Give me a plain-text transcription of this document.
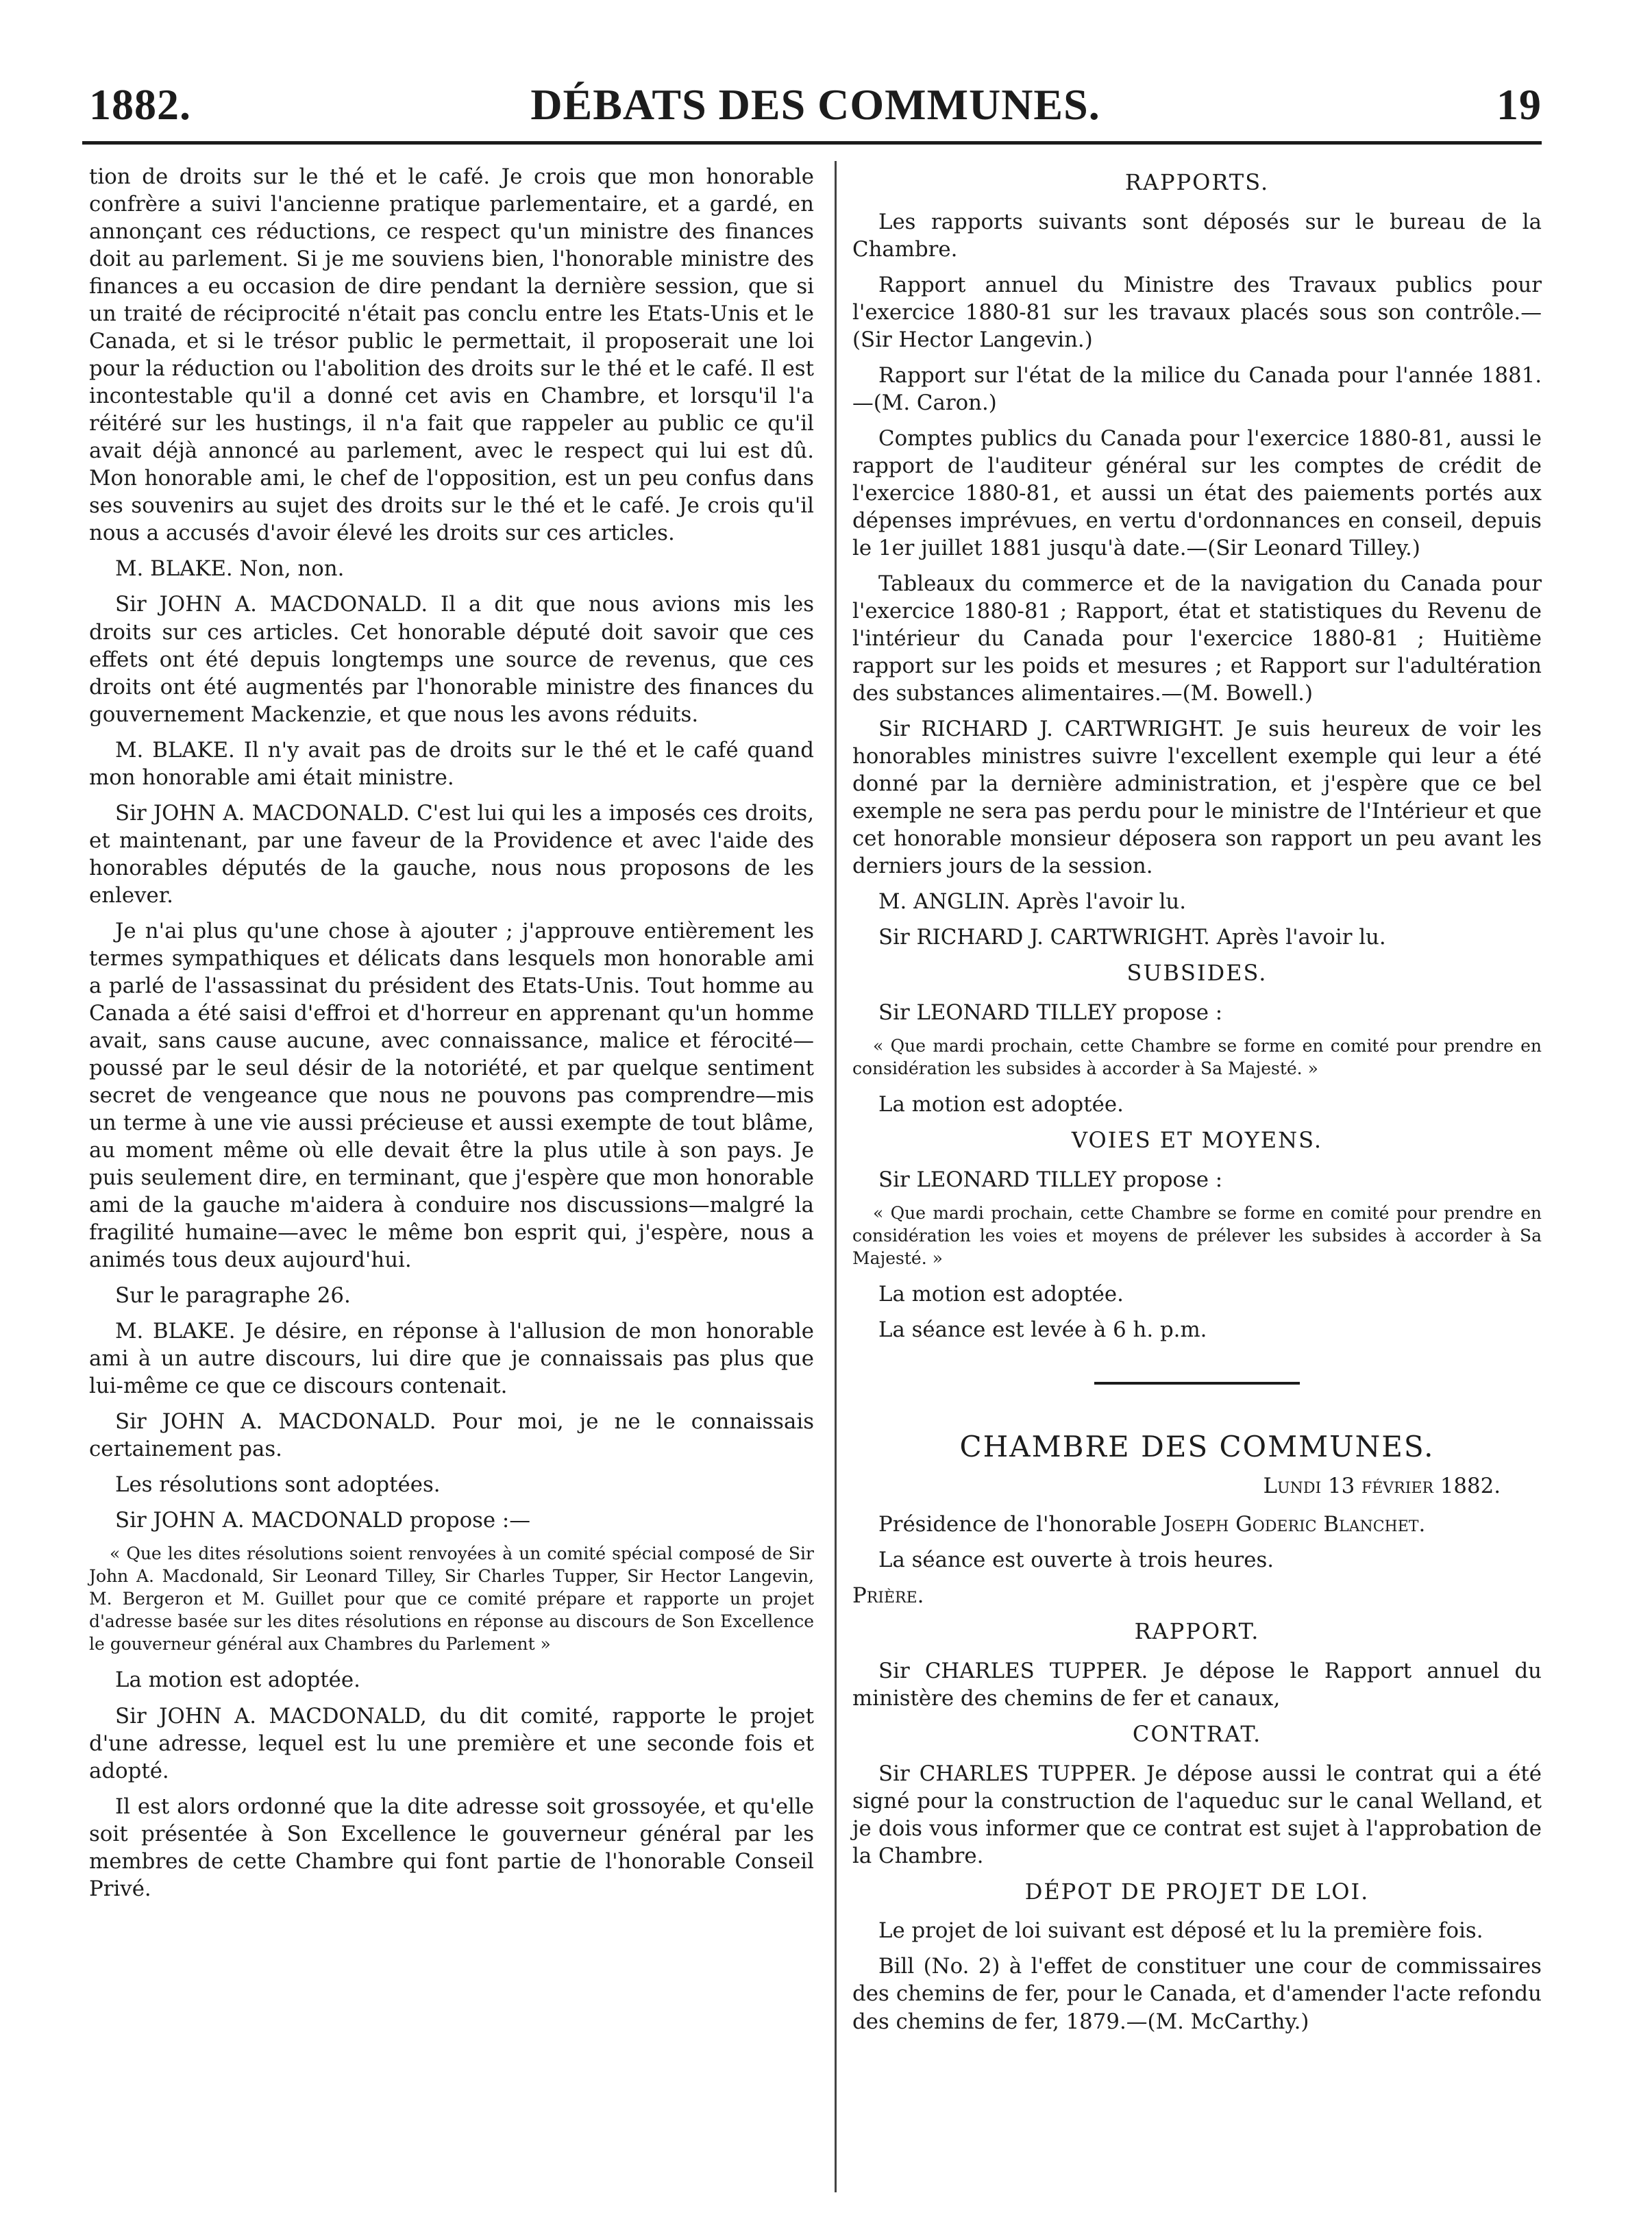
1882.	DÉBATS DES COMMUNES.	19

tion de droits sur le thé et le café. Je crois que mon honorable confrère a suivi l'ancienne pratique parlementaire, et a gardé, en annonçant ces réductions, ce respect qu'un ministre des finances doit au parlement. Si je me souviens bien, l'honorable ministre des finances a eu occasion de dire pendant la dernière session, que si un traité de réciprocité n'était pas conclu entre les Etats-Unis et le Canada, et si le trésor public le permettait, il proposerait une loi pour la réduction ou l'abolition des droits sur le thé et le café. Il est incontestable qu'il a donné cet avis en Chambre, et lorsqu'il l'a réitéré sur les hustings, il n'a fait que rappeler au public ce qu'il avait déjà annoncé au parlement, avec le respect qui lui est dû. Mon honorable ami, le chef de l'opposition, est un peu confus dans ses souvenirs au sujet des droits sur le thé et le café. Je crois qu'il nous a accusés d'avoir élevé les droits sur ces articles.

M. BLAKE. Non, non.

Sir JOHN A. MACDONALD. Il a dit que nous avions mis les droits sur ces articles. Cet honorable député doit savoir que ces effets ont été depuis longtemps une source de revenus, que ces droits ont été augmentés par l'honorable ministre des finances du gouvernement Mackenzie, et que nous les avons réduits.

M. BLAKE. Il n'y avait pas de droits sur le thé et le café quand mon honorable ami était ministre.

Sir JOHN A. MACDONALD. C'est lui qui les a imposés ces droits, et maintenant, par une faveur de la Providence et avec l'aide des honorables députés de la gauche, nous nous proposons de les enlever.

Je n'ai plus qu'une chose à ajouter ; j'approuve entièrement les termes sympathiques et délicats dans lesquels mon honorable ami a parlé de l'assassinat du président des Etats-Unis. Tout homme au Canada a été saisi d'effroi et d'horreur en apprenant qu'un homme avait, sans cause aucune, avec connaissance, malice et férocité—poussé par le seul désir de la notoriété, et par quelque sentiment secret de vengeance que nous ne pouvons pas comprendre—mis un terme à une vie aussi précieuse et aussi exempte de tout blâme, au moment même où elle devait être la plus utile à son pays. Je puis seulement dire, en terminant, que j'espère que mon honorable ami de la gauche m'aidera à conduire nos discussions—malgré la fragilité humaine—avec le même bon esprit qui, j'espère, nous a animés tous deux aujourd'hui.

Sur le paragraphe 26.

M. BLAKE. Je désire, en réponse à l'allusion de mon honorable ami à un autre discours, lui dire que je connaissais pas plus que lui-même ce que ce discours contenait.

Sir JOHN A. MACDONALD. Pour moi, je ne le connaissais certainement pas.

Les résolutions sont adoptées.

Sir JOHN A. MACDONALD propose :—

« Que les dites résolutions soient renvoyées à un comité spécial composé de Sir John A. Macdonald, Sir Leonard Tilley, Sir Charles Tupper, Sir Hector Langevin, M. Bergeron et M. Guillet pour que ce comité prépare et rapporte un projet d'adresse basée sur les dites résolutions en réponse au discours de Son Excellence le gouverneur général aux Chambres du Parlement »

La motion est adoptée.

Sir JOHN A. MACDONALD, du dit comité, rapporte le projet d'une adresse, lequel est lu une première et une seconde fois et adopté.

Il est alors ordonné que la dite adresse soit grossoyée, et qu'elle soit présentée à Son Excellence le gouverneur général par les membres de cette Chambre qui font partie de l'honorable Conseil Privé.

RAPPORTS.

Les rapports suivants sont déposés sur le bureau de la Chambre.

Rapport annuel du Ministre des Travaux publics pour l'exercice 1880-81 sur les travaux placés sous son contrôle.—(Sir Hector Langevin.)

Rapport sur l'état de la milice du Canada pour l'année 1881.—(M. Caron.)

Comptes publics du Canada pour l'exercice 1880-81, aussi le rapport de l'auditeur général sur les comptes de crédit de l'exercice 1880-81, et aussi un état des paiements portés aux dépenses imprévues, en vertu d'ordonnances en conseil, depuis le 1er juillet 1881 jusqu'à date.—(Sir Leonard Tilley.)

Tableaux du commerce et de la navigation du Canada pour l'exercice 1880-81 ; Rapport, état et statistiques du Revenu de l'intérieur du Canada pour l'exercice 1880-81 ; Huitième rapport sur les poids et mesures ; et Rapport sur l'adultération des substances alimentaires.—(M. Bowell.)

Sir RICHARD J. CARTWRIGHT. Je suis heureux de voir les honorables ministres suivre l'excellent exemple qui leur a été donné par la dernière administration, et j'espère que ce bel exemple ne sera pas perdu pour le ministre de l'Intérieur et que cet honorable monsieur déposera son rapport un peu avant les derniers jours de la session.

M. ANGLIN. Après l'avoir lu.

Sir RICHARD J. CARTWRIGHT. Après l'avoir lu.

SUBSIDES.

Sir LEONARD TILLEY propose :

« Que mardi prochain, cette Chambre se forme en comité pour prendre en considération les subsides à accorder à Sa Majesté. »

La motion est adoptée.

VOIES ET MOYENS.

Sir LEONARD TILLEY propose :

« Que mardi prochain, cette Chambre se forme en comité pour prendre en considération les voies et moyens de prélever les subsides à accorder à Sa Majesté. »

La motion est adoptée.

La séance est levée à 6 h. p.m.

CHAMBRE DES COMMUNES.
Lundi 13 février 1882.

Présidence de l'honorable Joseph Goderic Blanchet.

La séance est ouverte à trois heures.

Prière.

RAPPORT.

Sir CHARLES TUPPER. Je dépose le Rapport annuel du ministère des chemins de fer et canaux,

CONTRAT.

Sir CHARLES TUPPER. Je dépose aussi le contrat qui a été signé pour la construction de l'aqueduc sur le canal Welland, et je dois vous informer que ce contrat est sujet à l'approbation de la Chambre.

DÉPOT DE PROJET DE LOI.

Le projet de loi suivant est déposé et lu la première fois.

Bill (No. 2) à l'effet de constituer une cour de commissaires des chemins de fer, pour le Canada, et d'amender l'acte refondu des chemins de fer, 1879.—(M. McCarthy.)
